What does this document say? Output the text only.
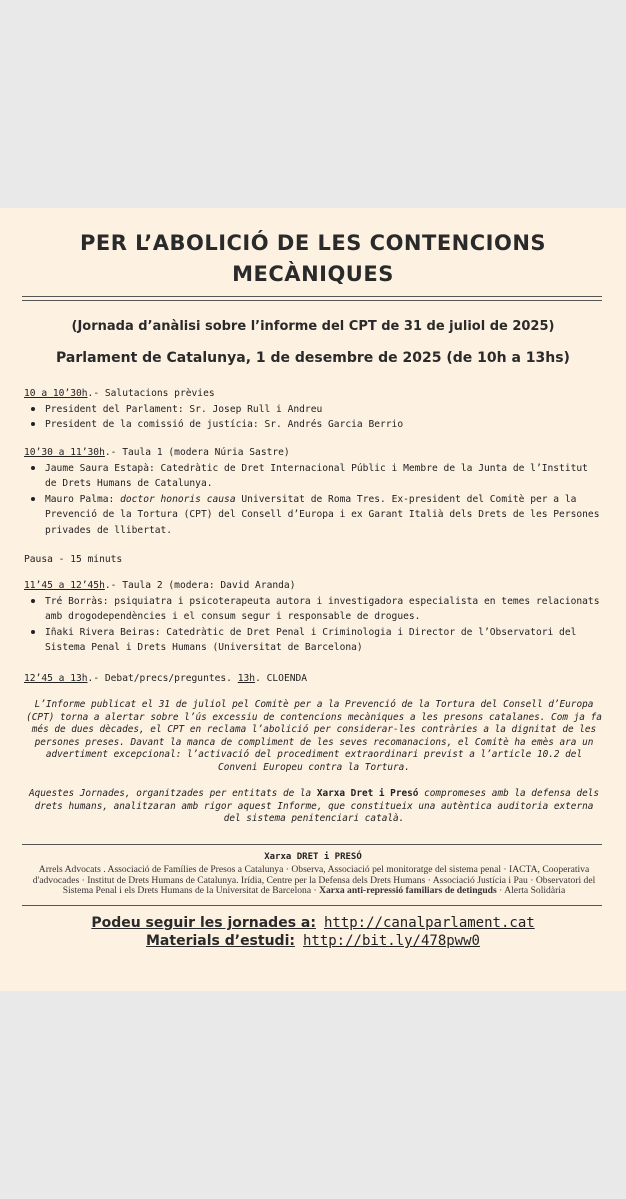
PER L’ABOLICIÓ DE LES CONTENCIONS
MECÀNIQUES
(Jornada d’anàlisi sobre l’informe del CPT de 31 de juliol de 2025)
Parlament de Catalunya, 1 de desembre de 2025 (de 10h a 13hs)
10 a 10’30h.- Salutacions prèvies
President del Parlament: Sr. Josep Rull i Andreu
President de la comissió de justícia: Sr. Andrés Garcia Berrio
10’30 a 11’30h.- Taula 1 (modera Núria Sastre)
Jaume Saura Estapà: Catedràtic de Dret Internacional Públic i Membre de la Junta de l’Institut de Drets Humans de Catalunya.
Mauro Palma: doctor honoris causa Universitat de Roma Tres. Ex-president del Comitè per a la Prevenció de la Tortura (CPT) del Consell d’Europa i ex Garant Italià dels Drets de les Persones privades de llibertat.
Pausa - 15 minuts
11’45 a 12’45h.- Taula 2 (modera: David Aranda)
Tré Borràs: psiquiatra i psicoterapeuta autora i investigadora especialista en temes relacionats amb drogodependències i el consum segur i responsable de drogues.
Iñaki Rivera Beiras: Catedràtic de Dret Penal i Criminologia i Director de l’Observatori del Sistema Penal i Drets Humans (Universitat de Barcelona)
12’45 a 13h.- Debat/precs/preguntes. 13h. CLOENDA
L’Informe publicat el 31 de juliol pel Comitè per a la Prevenció de la Tortura del Consell d’Europa (CPT) torna a alertar sobre l’ús excessiu de contencions mecàniques a les presons catalanes. Com ja fa més de dues dècades, el CPT en reclama l’abolició per considerar-les contràries a la dignitat de les persones preses. Davant la manca de compliment de les seves recomanacions, el Comitè ha emès ara un advertiment excepcional: l’activació del procediment extraordinari previst a l’article 10.2 del Conveni Europeu contra la Tortura.
Aquestes Jornades, organitzades per entitats de la Xarxa Dret i Presó compromeses amb la defensa dels drets humans, analitzaran amb rigor aquest Informe, que constitueix una autèntica auditoria externa del sistema penitenciari català.
Xarxa DRET i PRESÓ
Arrels Advocats . Associació de Famílies de Presos a Catalunya · Observa, Associació pel monitoratge del sistema penal · IACTA, Cooperativa d'advocades · Institut de Drets Humans de Catalunya. Irídia, Centre per la Defensa dels Drets Humans · Associació Justícia i Pau · Observatori del Sistema Penal i els Drets Humans de la Universitat de Barcelona · Xarxa anti-repressió familiars de detinguds · Alerta Solidària
Podeu seguir les jornades a: http://canalparlament.cat
Materials d’estudi: http://bit.ly/478pww0
